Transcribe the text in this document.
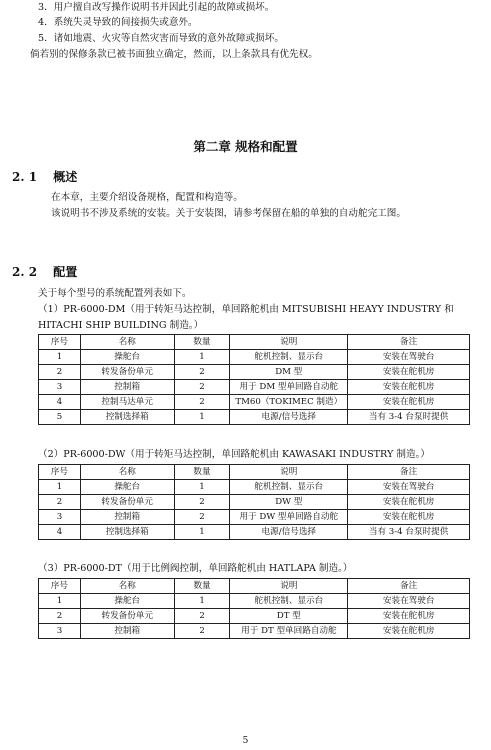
3．用户擅自改写操作说明书并因此引起的故障或损坏。
4．系统失灵导致的间接损失或意外。
5．诸如地震、火灾等自然灾害而导致的意外故障或损坏。
倘若别的保修条款已被书面独立确定，然而，以上条款具有优先权。
第二章 规格和配置
2. 1 概述
在本章，主要介绍设备规格，配置和构造等。
该说明书不涉及系统的安装。关于安装图，请参考保留在船的单独的自动舵完工图。
2. 2 配置
关于每个型号的系统配置列表如下。
（1）PR-6000-DM（用于转矩马达控制，单回路舵机由 MITSUBISHI HEAYY INDUSTRY 和
HITACHI SHIP BUILDING 制造。）
序号	名称	数量	说明	备注
1	操舵台	1	舵机控制、显示台	安装在驾驶台
2	转发备份单元	2	DM 型	安装在舵机房
3	控制箱	2	用于 DM 型单回路自动舵	安装在舵机房
4	控制马达单元	2	TM60（TOKIMEC 制造）	安装在舵机房
5	控制选择箱	1	电源/信号选择	当有 3-4 台泵时提供
（2）PR-6000-DW（用于转矩马达控制，单回路舵机由 KAWASAKI INDUSTRY 制造。）
序号	名称	数量	说明	备注
1	操舵台	1	舵机控制、显示台	安装在驾驶台
2	转发备份单元	2	DW 型	安装在舵机房
3	控制箱	2	用于 DW 型单回路自动舵	安装在舵机房
4	控制选择箱	1	电源/信号选择	当有 3-4 台泵时提供
（3）PR-6000-DT（用于比例阀控制，单回路舵机由 HATLAPA 制造。）
序号	名称	数量	说明	备注
1	操舵台	1	舵机控制、显示台	安装在驾驶台
2	转发备份单元	2	DT 型	安装在舵机房
3	控制箱	2	用于 DT 型单回路自动舵	安装在舵机房
5
